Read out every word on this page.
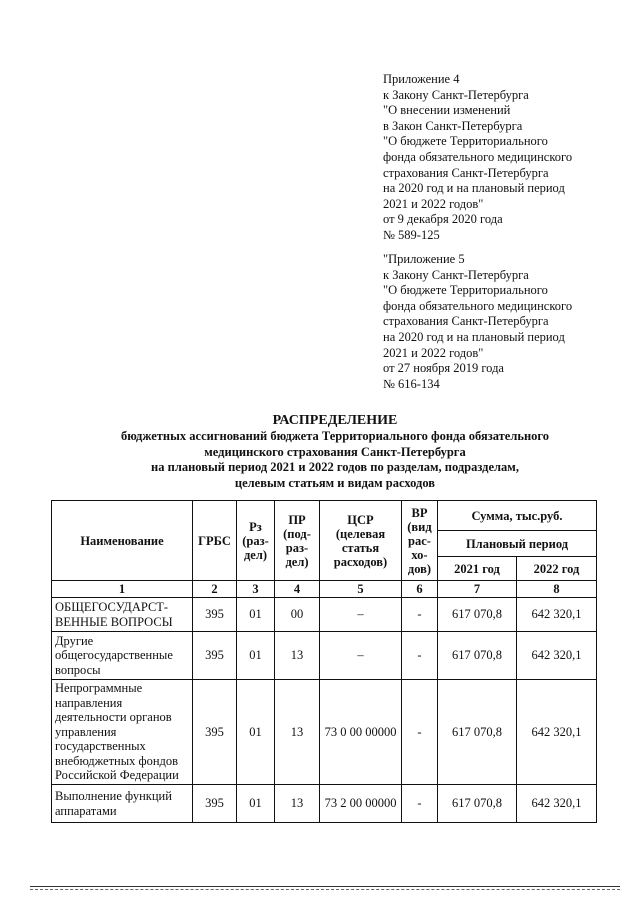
Приложение 4
к Закону Санкт-Петербурга
"О внесении изменений
в Закон Санкт-Петербурга
"О бюджете Территориального
фонда обязательного медицинского
страхования Санкт-Петербурга
на 2020 год и на плановый период
2021 и 2022 годов"
от 9 декабря 2020 года
№ 589-125
"Приложение 5
к Закону Санкт-Петербурга
"О бюджете Территориального
фонда обязательного медицинского
страхования Санкт-Петербурга
на 2020 год и на плановый период
2021 и 2022 годов"
от 27 ноября 2019 года
№ 616-134
РАСПРЕДЕЛЕНИЕ
бюджетных ассигнований бюджета Территориального фонда обязательного
медицинского страхования Санкт-Петербурга
на плановый период 2021 и 2022 годов по разделам, подразделам,
целевым статьям и видам расходов
Наименование	ГРБС	Рз (раз-дел)	ПР (под-раз-дел)	ЦСР (целевая статья расходов)	ВР (вид рас-хо-дов)	Сумма, тыс.руб.	
						Плановый период	
						2021 год	2022 год
1	2	3	4	5	6	7	8
ОБЩЕГОСУДАРСТ-ВЕННЫЕ ВОПРОСЫ	395	01	00	–	-	617 070,8	642 320,1
Другие общегосударственные вопросы	395	01	13	–	-	617 070,8	642 320,1
Непрограммные направления деятельности органов управления государственных внебюджетных фондов Российской Федерации	395	01	13	73 0 00 00000	-	617 070,8	642 320,1
Выполнение функций аппаратами	395	01	13	73 2 00 00000	-	617 070,8	642 320,1
